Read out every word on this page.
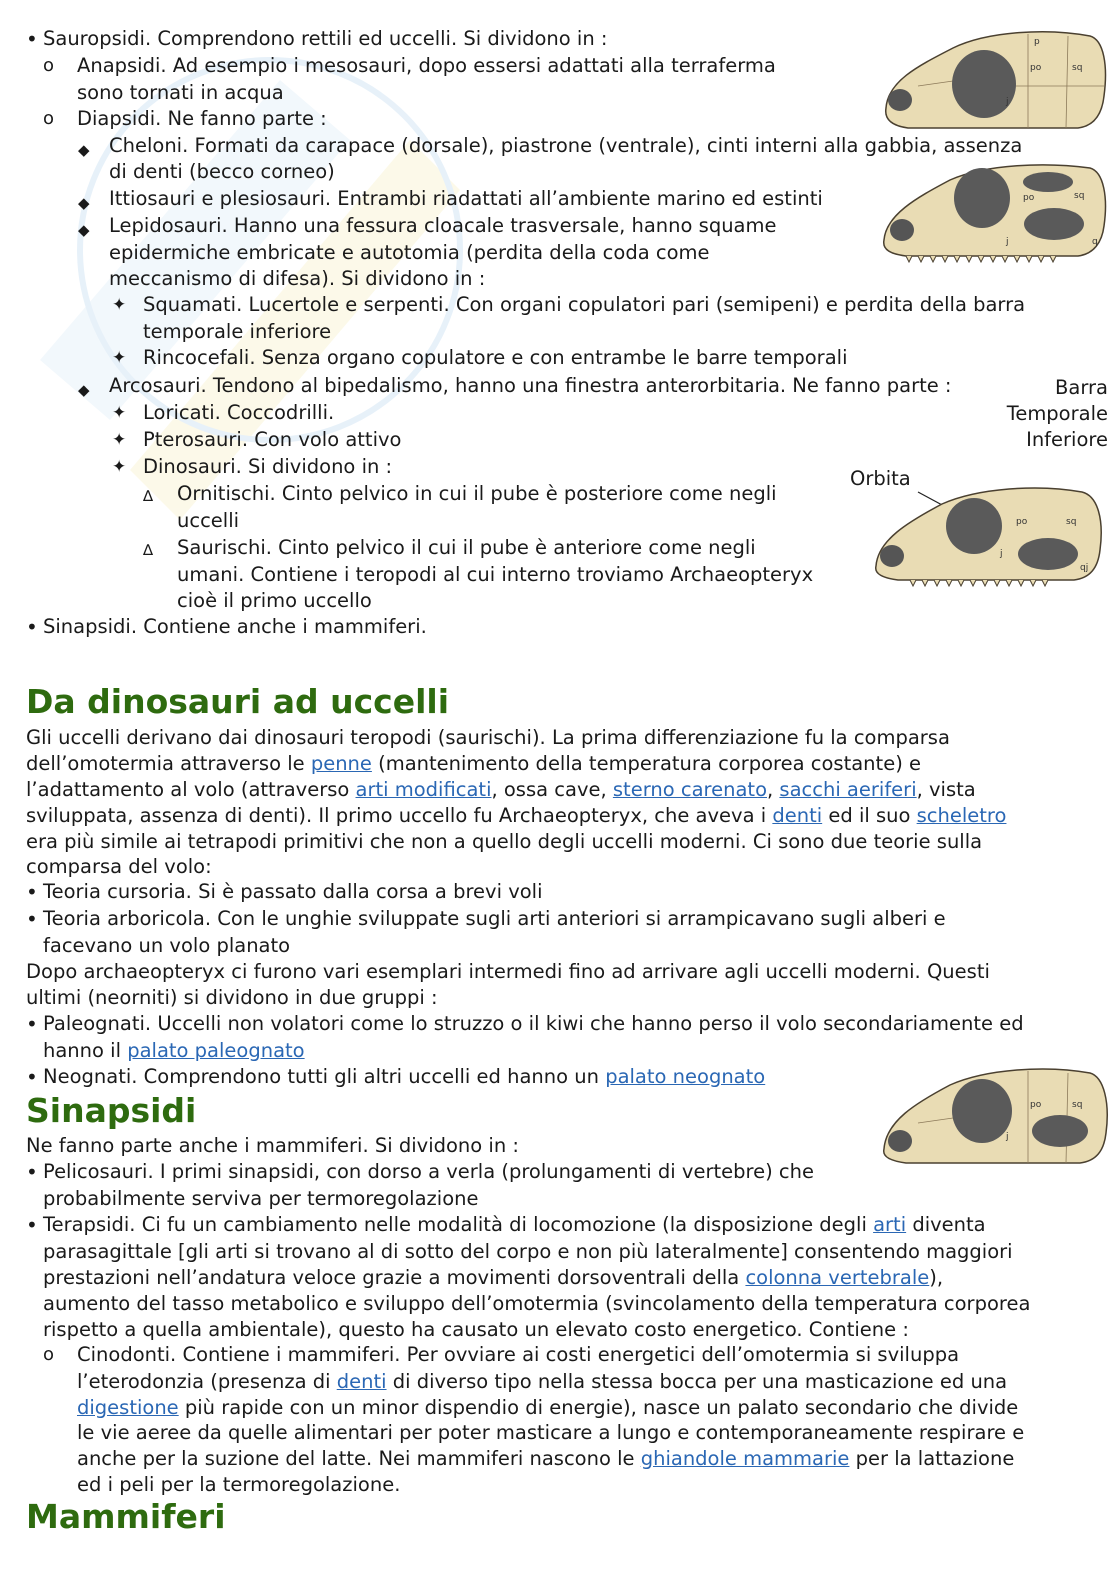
• Sauropsidi. Comprendono rettili ed uccelli. Si dividono in :
o Anapsidi. Ad esempio i mesosauri, dopo essersi adattati alla terraferma
sono tornati in acqua
o Diapsidi. Ne fanno parte :
◆ Cheloni. Formati da carapace (dorsale), piastrone (ventrale), cinti interni alla gabbia, assenza
di denti (becco corneo)
◆ Ittiosauri e plesiosauri. Entrambi riadattati all’ambiente marino ed estinti
◆ Lepidosauri. Hanno una fessura cloacale trasversale, hanno squame
epidermiche embricate e autotomia (perdita della coda come
meccanismo di difesa). Si dividono in :
✦ Squamati. Lucertole e serpenti. Con organi copulatori pari (semipeni) e perdita della barra
temporale inferiore
✦ Rincocefali. Senza organo copulatore e con entrambe le barre temporali
◆ Arcosauri. Tendono al bipedalismo, hanno una finestra anterorbitaria. Ne fanno parte :
✦ Loricati. Coccodrilli.
✦ Pterosauri. Con volo attivo
✦ Dinosauri. Si dividono in :
∆ Ornitischi. Cinto pelvico in cui il pube è posteriore come negli
uccelli
∆ Saurischi. Cinto pelvico il cui il pube è anteriore come negli
umani. Contiene i teropodi al cui interno troviamo Archaeopteryx
cioè il primo uccello
• Sinapsidi. Contiene anche i mammiferi.
po	sq
p
j
po	sq
j	q
Barra
Temporale
Inferiore
Orbita
po	sq
j
qj
Da dinosauri ad uccelli
Gli uccelli derivano dai dinosauri teropodi (saurischi). La prima differenziazione fu la comparsa
dell’omotermia attraverso le penne (mantenimento della temperatura corporea costante) e
l’adattamento al volo (attraverso arti modificati, ossa cave, sterno carenato, sacchi aeriferi, vista
sviluppata, assenza di denti). Il primo uccello fu Archaeopteryx, che aveva i denti ed il suo scheletro
era più simile ai tetrapodi primitivi che non a quello degli uccelli moderni. Ci sono due teorie sulla
comparsa del volo:
• Teoria cursoria. Si è passato dalla corsa a brevi voli
• Teoria arboricola. Con le unghie sviluppate sugli arti anteriori si arrampicavano sugli alberi e
facevano un volo planato
Dopo archaeopteryx ci furono vari esemplari intermedi fino ad arrivare agli uccelli moderni. Questi
ultimi (neorniti) si dividono in due gruppi :
• Paleognati. Uccelli non volatori come lo struzzo o il kiwi che hanno perso il volo secondariamente ed
hanno il palato paleognato
• Neognati. Comprendono tutti gli altri uccelli ed hanno un palato neognato
po	sq
j
Sinapsidi
Ne fanno parte anche i mammiferi. Si dividono in :
• Pelicosauri. I primi sinapsidi, con dorso a verla (prolungamenti di vertebre) che
probabilmente serviva per termoregolazione
• Terapsidi. Ci fu un cambiamento nelle modalità di locomozione (la disposizione degli arti diventa
parasagittale [gli arti si trovano al di sotto del corpo e non più lateralmente] consentendo maggiori
prestazioni nell’andatura veloce grazie a movimenti dorsoventrali della colonna vertebrale),
aumento del tasso metabolico e sviluppo dell’omotermia (svincolamento della temperatura corporea
rispetto a quella ambientale), questo ha causato un elevato costo energetico. Contiene :
o Cinodonti. Contiene i mammiferi. Per ovviare ai costi energetici dell’omotermia si sviluppa
l’eterodonzia (presenza di denti di diverso tipo nella stessa bocca per una masticazione ed una
digestione più rapide con un minor dispendio di energie), nasce un palato secondario che divide
le vie aeree da quelle alimentari per poter masticare a lungo e contemporaneamente respirare e
anche per la suzione del latte. Nei mammiferi nascono le ghiandole mammarie per la lattazione
ed i peli per la termoregolazione.
Mammiferi
